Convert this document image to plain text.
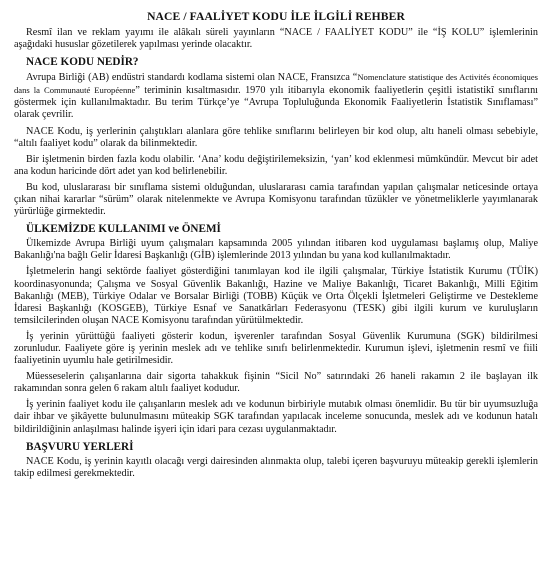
NACE / FAALİYET KODU İLE İLGİLİ REHBER

Resmî ilan ve reklam yayımı ile alâkalı süreli yayınların “NACE / FAALİYET KODU” ile “İŞ KOLU” işlemlerinin aşağıdaki hususlar gözetilerek yapılması yerinde olacaktır.

NACE KODU NEDİR?

Avrupa Birliği (AB) endüstri standardı kodlama sistemi olan NACE, Fransızca “Nomenclature statistique des Activités économiques dans la Communauté Européenne” teriminin kısaltmasıdır. 1970 yılı itibarıyla ekonomik faaliyetlerin çeşitli istatistikî sınıflarını göstermek için kullanılmaktadır. Bu terim Türkçe’ye “Avrupa Topluluğunda Ekonomik Faaliyetlerin İstatistik Sınıflaması” olarak çevrilir.

NACE Kodu, iş yerlerinin çalıştıkları alanlara göre tehlike sınıflarını belirleyen bir kod olup, altı haneli olması sebebiyle, “altılı faaliyet kodu” olarak da bilinmektedir.

Bir işletmenin birden fazla kodu olabilir. ‘Ana’ kodu değiştirilemeksizin, ‘yan’ kod eklenmesi mümkündür. Mevcut bir adet ana kodun haricinde dört adet yan kod belirlenebilir.

Bu kod, uluslararası bir sınıflama sistemi olduğundan, uluslararası camia tarafından yapılan çalışmalar neticesinde ortaya çıkan nihai kararlar “sürüm” olarak nitelenmekte ve Avrupa Komisyonu tarafından tüzükler ve yönetmeliklerle yayımlanarak yürürlüğe girmektedir.

ÜLKEMİZDE KULLANIMI ve ÖNEMİ

Ülkemizde Avrupa Birliği uyum çalışmaları kapsamında 2005 yılından itibaren kod uygulaması başlamış olup, Maliye Bakanlığı'na bağlı Gelir İdaresi Başkanlığı (GİB) işlemlerinde 2013 yılından bu yana kod kullanılmaktadır.

İşletmelerin hangi sektörde faaliyet gösterdiğini tanımlayan kod ile ilgili çalışmalar, Türkiye İstatistik Kurumu (TÜİK) koordinasyonunda; Çalışma ve Sosyal Güvenlik Bakanlığı, Hazine ve Maliye Bakanlığı, Ticaret Bakanlığı, Milli Eğitim Bakanlığı (MEB), Türkiye Odalar ve Borsalar Birliği (TOBB) Küçük ve Orta Ölçekli İşletmeleri Geliştirme ve Destekleme İdaresi Başkanlığı (KOSGEB), Türkiye Esnaf ve Sanatkârları Federasyonu (TESK) gibi ilgili kurum ve kuruluşların temsilcilerinden oluşan NACE Komisyonu tarafından yürütülmektedir.

İş yerinin yürüttüğü faaliyeti gösterir kodun, işverenler tarafından Sosyal Güvenlik Kurumuna (SGK) bildirilmesi zorunludur. Faaliyete göre iş yerinin meslek adı ve tehlike sınıfı belirlenmektedir. Kurumun işlevi, işletmenin resmî ve fiili faaliyetinin uyumlu hale getirilmesidir.

Müesseselerin çalışanlarına dair sigorta tahakkuk fişinin “Sicil No” satırındaki 26 haneli rakamın 2 ile başlayan ilk rakamından sonra gelen 6 rakam altılı faaliyet kodudur.

İş yerinin faaliyet kodu ile çalışanların meslek adı ve kodunun birbiriyle mutabık olması önemlidir. Bu tür bir uyumsuzluğa dair ihbar ve şikâyette bulunulmasını müteakip SGK tarafından yapılacak inceleme sonucunda, meslek adı ve kodunun hatalı bildirildiğinin anlaşılması halinde işyeri için idari para cezası uygulanmaktadır.

BAŞVURU YERLERİ

NACE Kodu, iş yerinin kayıtlı olacağı vergi dairesinden alınmakta olup, talebi içeren başvuruyu müteakip gerekli işlemlerin takip edilmesi gerekmektedir.
